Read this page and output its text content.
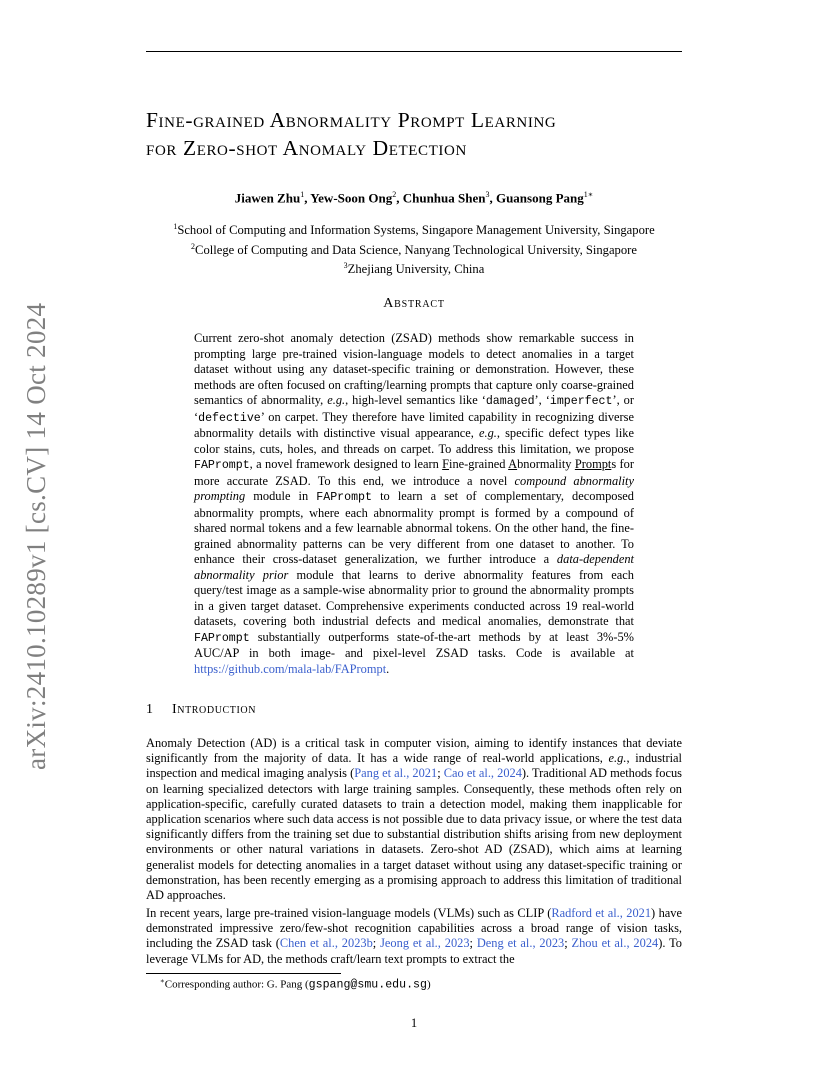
arXiv:2410.10289v1 [cs.CV] 14 Oct 2024
Fine-grained Abnormality Prompt Learning
for Zero-shot Anomaly Detection
Jiawen Zhu$^1$, Yew-Soon Ong$^2$, Chunhua Shen$^3$, Guansong Pang$^{1∗}$
$^1$School of Computing and Information Systems, Singapore Management University, Singapore
$^2$College of Computing and Data Science, Nanyang Technological University, Singapore
$^3$Zhejiang University, China
Abstract

Current zero-shot anomaly detection (ZSAD) methods show remarkable success in prompting large pre-trained vision-language models to detect anomalies in a target dataset without using any dataset-specific training or demonstration. However, these methods are often focused on crafting/learning prompts that capture only coarse-grained semantics of abnormality, e.g., high-level semantics like ‘damaged’, ‘imperfect’, or ‘defective’ on carpet. They therefore have limited capability in recognizing diverse abnormality details with distinctive visual appearance, e.g., specific defect types like color stains, cuts, holes, and threads on carpet. To address this limitation, we propose FAPrompt, a novel framework designed to learn Fine-grained Abnormality Prompts for more accurate ZSAD. To this end, we introduce a novel compound abnormality prompting module in FAPrompt to learn a set of complementary, decomposed abnormality prompts, where each abnormality prompt is formed by a compound of shared normal tokens and a few learnable abnormal tokens. On the other hand, the fine-grained abnormality patterns can be very different from one dataset to another. To enhance their cross-dataset generalization, we further introduce a data-dependent abnormality prior module that learns to derive abnormality features from each query/test image as a sample-wise abnormality prior to ground the abnormality prompts in a given target dataset. Comprehensive experiments conducted across 19 real-world datasets, covering both industrial defects and medical anomalies, demonstrate that FAPrompt substantially outperforms state-of-the-art methods by at least 3%-5% AUC/AP in both image- and pixel-level ZSAD tasks. Code is available at https://github.com/mala-lab/FAPrompt.

1 Introduction

Anomaly Detection (AD) is a critical task in computer vision, aiming to identify instances that deviate significantly from the majority of data. It has a wide range of real-world applications, e.g., industrial inspection and medical imaging analysis (Pang et al., 2021; Cao et al., 2024). Traditional AD methods focus on learning specialized detectors with large training samples. Consequently, these methods often rely on application-specific, carefully curated datasets to train a detection model, making them inapplicable for application scenarios where such data access is not possible due to data privacy issue, or where the test data significantly differs from the training set due to substantial distribution shifts arising from new deployment environments or other natural variations in datasets. Zero-shot AD (ZSAD), which aims at learning generalist models for detecting anomalies in a target dataset without using any dataset-specific training or demonstration, has been recently emerging as a promising approach to address this limitation of traditional AD approaches.

In recent years, large pre-trained vision-language models (VLMs) such as CLIP (Radford et al., 2021) have demonstrated impressive zero/few-shot recognition capabilities across a broad range of vision tasks, including the ZSAD task (Chen et al., 2023b; Jeong et al., 2023; Deng et al., 2023; Zhou et al., 2024). To leverage VLMs for AD, the methods craft/learn text prompts to extract the

∗Corresponding author: G. Pang (gspang@smu.edu.sg)
1
